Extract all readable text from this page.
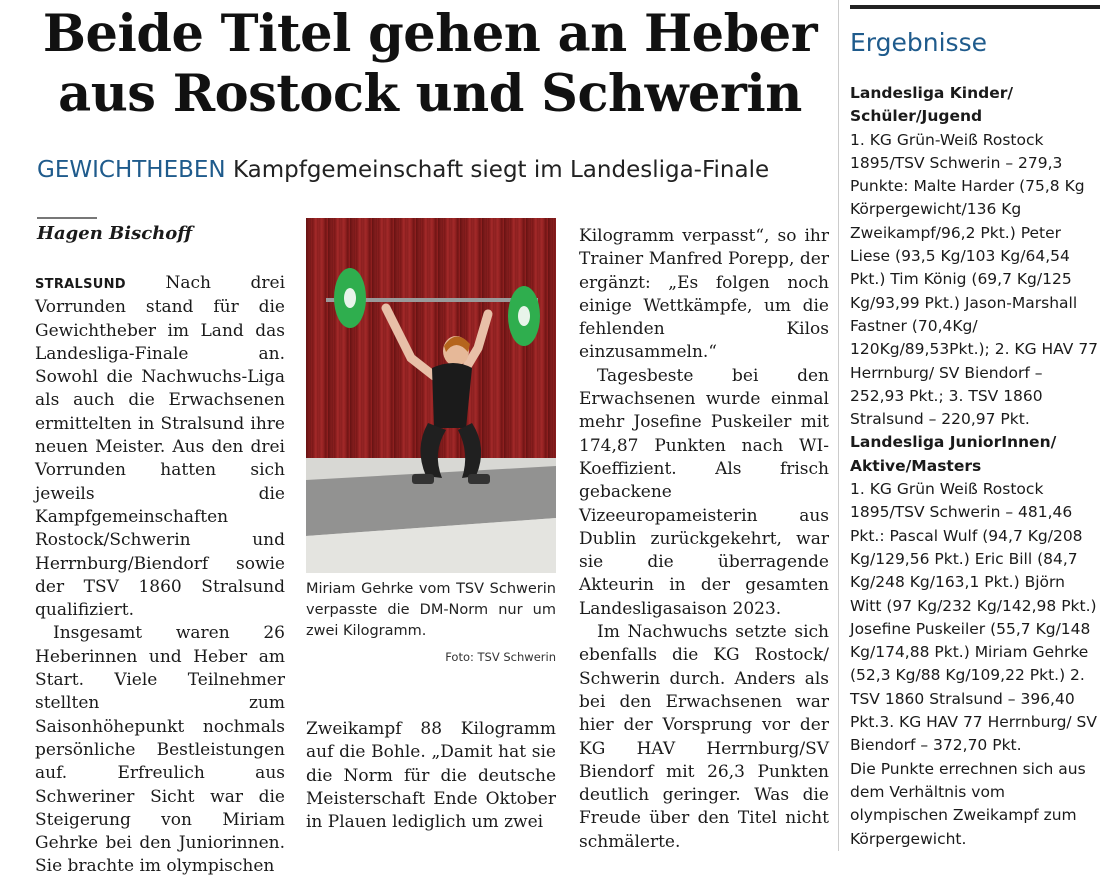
Beide Titel gehen an Heber
aus Rostock und Schwerin
GEWICHTHEBEN Kampfgemeinschaft siegt im Landesliga-Finale
Hagen Bischoff

STRALSUND Nach drei Vorrunden stand für die Gewichtheber im Land das Landesliga-Finale an. Sowohl die Nachwuchs-Liga als auch die Erwachsenen ermittelten in Stralsund ihre neuen Meister. Aus den drei Vorrunden hatten sich jeweils die Kampfgemeinschaften Rostock/Schwerin und Herrnburg/Biendorf sowie der TSV 1860 Stralsund qualifiziert.

Insgesamt waren 26 Heberinnen und Heber am Start. Viele Teilnehmer stellten zum Saisonhöhepunkt nochmals persönliche Bestleistungen auf. Erfreulich aus Schweriner Sicht war die Steigerung von Miriam Gehrke bei den Juniorinnen. Sie brachte im olympischen

Miriam Gehrke vom TSV Schwerin verpasste die DM-Norm nur um zwei Kilogramm.
Foto: TSV Schwerin

Zweikampf 88 Kilogramm auf die Bohle. „Damit hat sie die Norm für die deutsche Meisterschaft Ende Oktober in Plauen lediglich um zwei

Kilogramm verpasst“, so ihr Trainer Manfred Porepp, der ergänzt: „Es folgen noch einige Wettkämpfe, um die fehlenden Kilos einzusammeln.“

Tagesbeste bei den Erwachsenen wurde einmal mehr Josefine Puskeiler mit 174,87 Punkten nach WI-Koeffizient. Als frisch gebackene Vizeeuropameisterin aus Dublin zurückgekehrt, war sie die überragende Akteurin in der gesamten Landesligasaison 2023.

Im Nachwuchs setzte sich ebenfalls die KG Rostock/ Schwerin durch. Anders als bei den Erwachsenen war hier der Vorsprung vor der KG HAV Herrnburg/SV Biendorf mit 26,3 Punkten deutlich geringer. Was die Freude über den Titel nicht schmälerte.

Ergebnisse
Landesliga Kinder/ Schüler/Jugend
1. KG Grün-Weiß Rostock 1895/TSV Schwerin – 279,3 Punkte: Malte Harder (75,8 Kg Körpergewicht/136 Kg Zweikampf/96,2 Pkt.) Peter Liese (93,5 Kg/103 Kg/64,54 Pkt.) Tim König (69,7 Kg/125 Kg/93,99 Pkt.) Jason-Marshall Fastner (70,4Kg/ 120Kg/89,53Pkt.); 2. KG HAV 77 Herrnburg/ SV Biendorf – 252,93 Pkt.; 3. TSV 1860 Stralsund – 220,97 Pkt.
Landesliga JuniorInnen/ Aktive/Masters
1. KG Grün Weiß Rostock 1895/TSV Schwerin – 481,46 Pkt.: Pascal Wulf (94,7 Kg/208 Kg/129,56 Pkt.) Eric Bill (84,7 Kg/248 Kg/163,1 Pkt.) Björn Witt (97 Kg/232 Kg/142,98 Pkt.) Josefine Puskeiler (55,7 Kg/148 Kg/174,88 Pkt.) Miriam Gehrke (52,3 Kg/88 Kg/109,22 Pkt.) 2. TSV 1860 Stralsund – 396,40 Pkt.3. KG HAV 77 Herrnburg/ SV Biendorf – 372,70 Pkt.
Die Punkte errechnen sich aus dem Verhältnis vom olympischen Zweikampf zum Körpergewicht.
